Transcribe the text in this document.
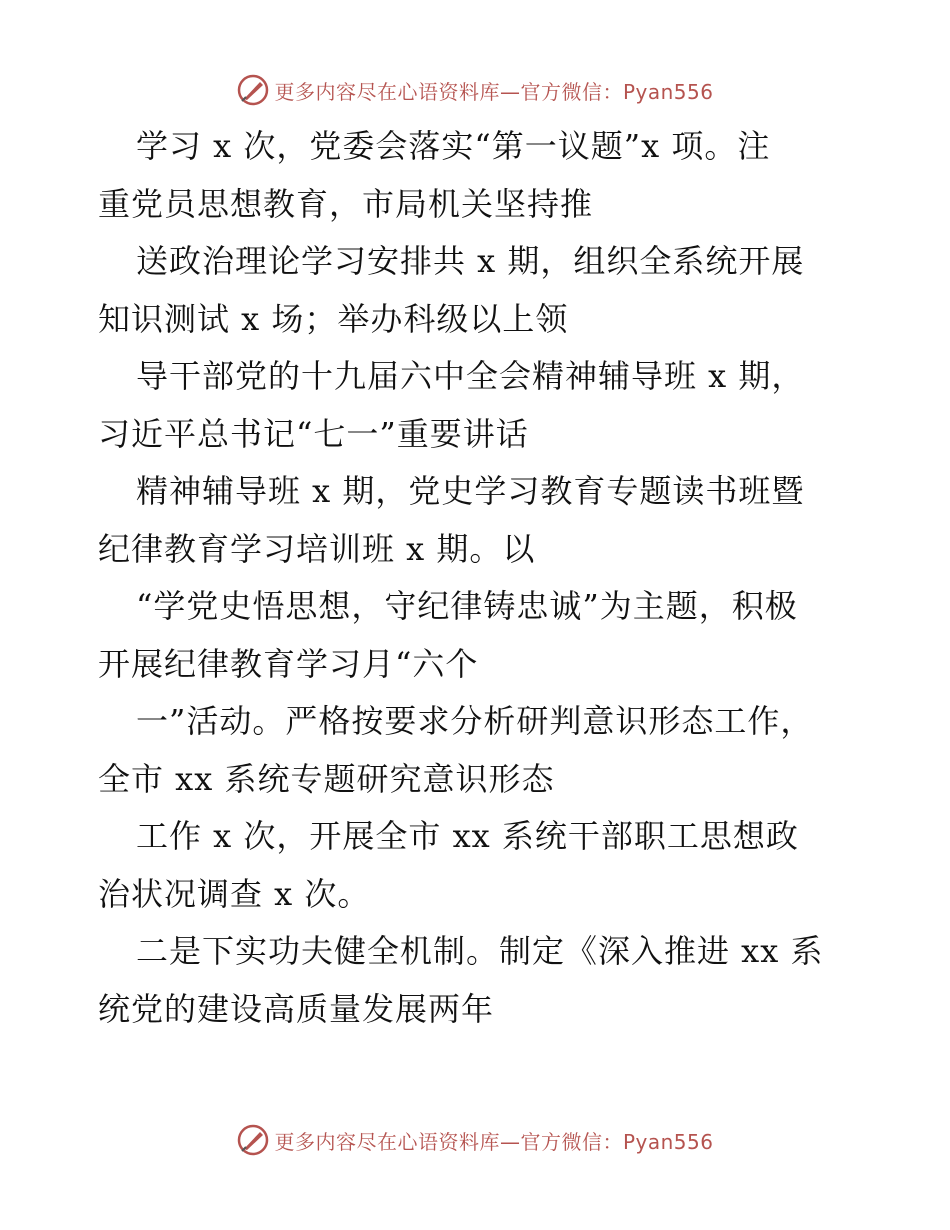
更多内容尽在心语资料库—官方微信：Pyan556
学习 x 次，党委会落实“第一议题”x 项。注
重党员思想教育，市局机关坚持推
送政治理论学习安排共 x 期，组织全系统开展
知识测试 x 场；举办科级以上领
导干部党的十九届六中全会精神辅导班 x 期，
习近平总书记“七一”重要讲话
精神辅导班 x 期，党史学习教育专题读书班暨
纪律教育学习培训班 x 期。以
“学党史悟思想，守纪律铸忠诚”为主题，积极
开展纪律教育学习月“六个
一”活动。严格按要求分析研判意识形态工作，
全市 xx 系统专题研究意识形态
工作 x 次，开展全市 xx 系统干部职工思想政
治状况调查 x 次。
二是下实功夫健全机制。制定《深入推进 xx 系
统党的建设高质量发展两年
更多内容尽在心语资料库—官方微信：Pyan556
